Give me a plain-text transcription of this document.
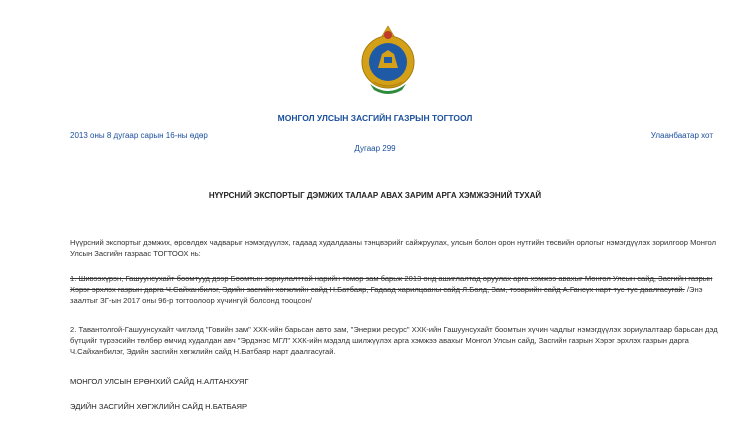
МОНГОЛ УЛСЫН ЗАСГИЙН ГАЗРЫН ТОГТООЛ
2013 оны 8 дугаар сарын 16-ны өдөр	Улаанбаатар хот
Дугаар 299
НҮҮРСНИЙ ЭКСПОРТЫГ ДЭМЖИХ ТАЛААР АВАХ ЗАРИМ АРГА ХЭМЖЭЭНИЙ ТУХАЙ
Нүүрсний экспортыг дэмжих, өрсөлдөх чадварыг нэмэгдүүлэх, гадаад худалдааны тэнцвэрийг сайжруулах, улсын болон орон нутгийн төсвийн орлогыг нэмэгдүүлэх зорилгоор Монгол Улсын Засгийн газраас ТОГТООХ нь:
1. Шивээхүрэн, Гашуунсухайт боомтууд дээр Боомтын зориулалттай нарийн томор зам барьж 2013 онд ашиглалтад оруулах арга хэмжээ авахыг Монгол Улсын сайд, Засгийн газрын Хэрэг эрхлэх газрын дарга Ч.Сайханбилэг, Эдийн засгийн хөгжлийн сайд Н.Батбаяр, Гадаад харилцааны сайд Л.Болд, Зам, тээврийн сайд А.Гансүх нарт тус тус даалгасугай. /Энэ заалтыг ЗГ-ын 2017 оны 96-р тогтоолоор хүчингүй болсонд тооцсон/
2. Тавантолгой-Гашуунсухайт чиглэлд "Говийн зам" ХХК-ийн барьсан авто зам, "Энержи ресурс" ХХК-ийн Гашуунсухайт боомтын хүчин чадлыг нэмэгдүүлэх зориулалтаар барьсан дэд бүтцийг түрээсийн төлбөр өмчид худалдан авч "Эрдэнэс МГЛ" ХХК-ийн мэдэлд шилжүүлэх арга хэмжээ авахыг Монгол Улсын сайд, Засгийн газрын Хэрэг эрхлэх газрын дарга Ч.Сайханбилэг, Эдийн засгийн хөгжлийн сайд Н.Батбаяр нарт даалгасугай.
МОНГОЛ УЛСЫН ЕРӨНХИЙ САЙД Н.АЛТАНХУЯГ
ЭДИЙН ЗАСГИЙН ХӨГЖЛИЙН САЙД Н.БАТБАЯР
